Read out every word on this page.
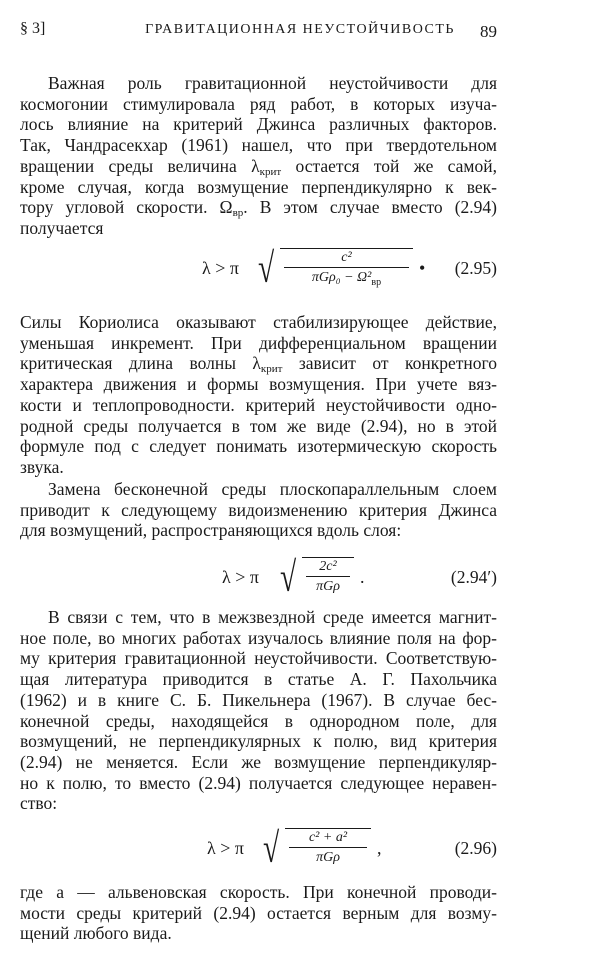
§ 3]	ГРАВИТАЦИОННАЯ НЕУСТОЙЧИВОСТЬ	89
Важная роль гравитационной неустойчивости для
космогонии стимулировала ряд работ, в которых изуча-
лось влияние на критерий Джинса различных факторов.
Так, Чандрасекхар (1961) нашел, что при твердотельном
вращении среды величина $\lambda_{крит}$ остается той же самой,
кроме случая, когда возмущение перпендикулярно к век-
тору угловой скорости. $\Omega_{вр}$. В этом случае вместо (2.94)
получается
Силы Кориолиса оказывают стабилизирующее действие,
уменьшая инкремент. При дифференциальном вращении
критическая длина волны $\lambda_{крит}$ зависит от конкретного
характера движения и формы возмущения. При учете вяз-
кости и теплопроводности. критерий неустойчивости одно-
родной среды получается в том же виде (2.94), но в этой
формуле под c следует понимать изотермическую скорость
звука.
Замена бесконечной среды плоскопараллельным слоем
приводит к следующему видоизменению критерия Джинса
для возмущений, распространяющихся вдоль слоя:
В связи с тем, что в межзвездной среде имеется магнит-
ное поле, во многих работах изучалось влияние поля на фор-
му критерия гравитационной неустойчивости. Соответствую-
щая литература приводится в статье А. Г. Пахольчика
(1962) и в книге С. Б. Пикельнера (1967). В случае бес-
конечной среды, находящейся в однородном поле, для
возмущений, не перпендикулярных к полю, вид критерия
(2.94) не меняется. Если же возмущение перпендикуляр-
но к полю, то вместо (2.94) получается следующее неравен-
ство:
где a — альвеновская скорость. При конечной проводи-
мости среды критерий (2.94) остается верным для возму-
щений любого вида.
λ > π √	c²
$\pi G\rho_0 - \Omega^2_{вр}$
• (2.95)
λ > π √	2c²
πGρ	.	(2.94′)
λ > π √	c² + a²
πGρ	,	(2.96)
